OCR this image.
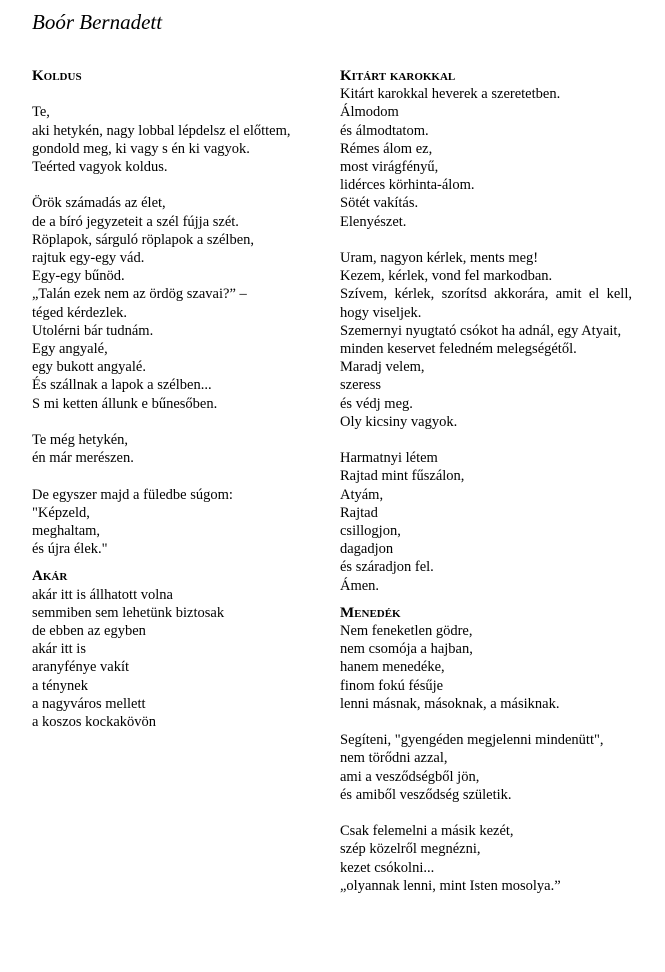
Boór Bernadett
Koldus
Te,
aki hetykén, nagy lobbal lépdelsz el előttem,
gondold meg, ki vagy s én ki vagyok.
Teérted vagyok koldus.
Örök számadás az élet,
de a bíró jegyzeteit a szél fújja szét.
Röplapok, sárguló röplapok a szélben,
rajtuk egy-egy vád.
Egy-egy bűnöd.
„Talán ezek nem az ördög szavai?” –
téged kérdezlek.
Utolérni bár tudnám.
Egy angyalé,
egy bukott angyalé.
És szállnak a lapok a szélben...
S mi ketten állunk e bűnesőben.
Te még hetykén,
én már merészen.
De egyszer majd a füledbe súgom:
"Képzeld,
meghaltam,
és újra élek."
Akár
akár itt is állhatott volna
semmiben sem lehetünk biztosak
de ebben az egyben
akár itt is
aranyfénye vakít
a ténynek
a nagyváros mellett
a koszos kockakövön
Kitárt karokkal
Kitárt karokkal heverek a szeretetben.
Álmodom
és álmodtatom.
Rémes álom ez,
most virágfényű,
lidérces körhinta-álom.
Sötét vakítás.
Elenyészet.
Uram, nagyon kérlek, ments meg!
Kezem, kérlek, vond fel markodban.
Szívem, kérlek, szorítsd akkorára, amit el kell, hogy viseljek.
Szemernyi nyugtató csókot ha adnál, egy Atyait,
minden keservet feledném melegségétől.
Maradj velem,
szeress
és védj meg.
Oly kicsiny vagyok.
Harmatnyi létem
Rajtad mint fűszálon,
Atyám,
Rajtad
csillogjon,
dagadjon
és száradjon fel.
Ámen.
Menedék
Nem feneketlen gödre,
nem csomója a hajban,
hanem menedéke,
finom fokú fésűje
lenni másnak, másoknak, a másiknak.
Segíteni, "gyengéden megjelenni mindenütt",
nem törődni azzal,
ami a vesződségből jön,
és amiből vesződség születik.
Csak felemelni a másik kezét,
szép közelről megnézni,
kezet csókolni...
„olyannak lenni, mint Isten mosolya.”
